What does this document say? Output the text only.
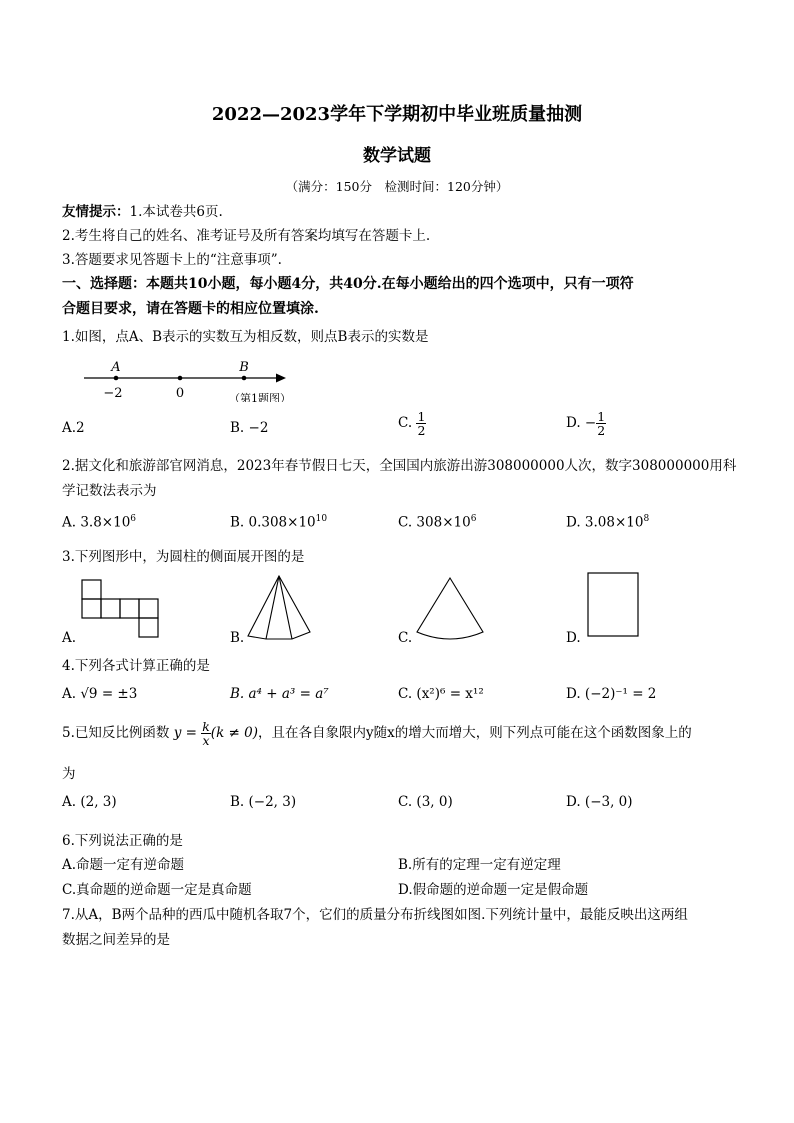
2022—2023学年下学期初中毕业班质量抽测
数学试题
（满分：150分　检测时间：120分钟）
友情提示：1.本试卷共6页.
2.考生将自己的姓名、准考证号及所有答案均填写在答题卡上.
3.答题要求见答题卡上的“注意事项”.
一、选择题：本题共10小题，每小题4分，共40分.在每小题给出的四个选项中，只有一项符
合题目要求，请在答题卡的相应位置填涂.
1.如图，点A、B表示的实数互为相反数，则点B表示的实数是
A	B
−2	0	（第1题图）
A.2	B. −2	C. $\frac{1}{2}$	D. − $\frac{1}{2}$
2.据文化和旅游部官网消息，2023年春节假日七天，全国国内旅游出游308000000人次，数字308000000用科
学记数法表示为
A. $3.8\times 10^6$	B. $0.308\times 10^{10}$	C. $308\times 10^6$	D. $3.08\times 10^8$
3.下列图形中，为圆柱的侧面展开图的是
A.	B.	C.	D.
4.下列各式计算正确的是
A. √9 = ±3	B. a⁴ + a³ = a⁷	C. (x²)⁶ = x¹²	D. (−2)⁻¹ = 2
5.已知反比例函数 $y = \frac{k}{x} (k \ne 0)$，且在各自象限内y随x的增大而增大，则下列点可能在这个函数图象上的
为
A. (2, 3)	B. (−2, 3)	C. (3, 0)	D. (−3, 0)
6.下列说法正确的是
A.命题一定有逆命题	B.所有的定理一定有逆定理
C.真命题的逆命题一定是真命题	D.假命题的逆命题一定是假命题
7.从A，B两个品种的西瓜中随机各取7个，它们的质量分布折线图如图.下列统计量中，最能反映出这两组
数据之间差异的是
